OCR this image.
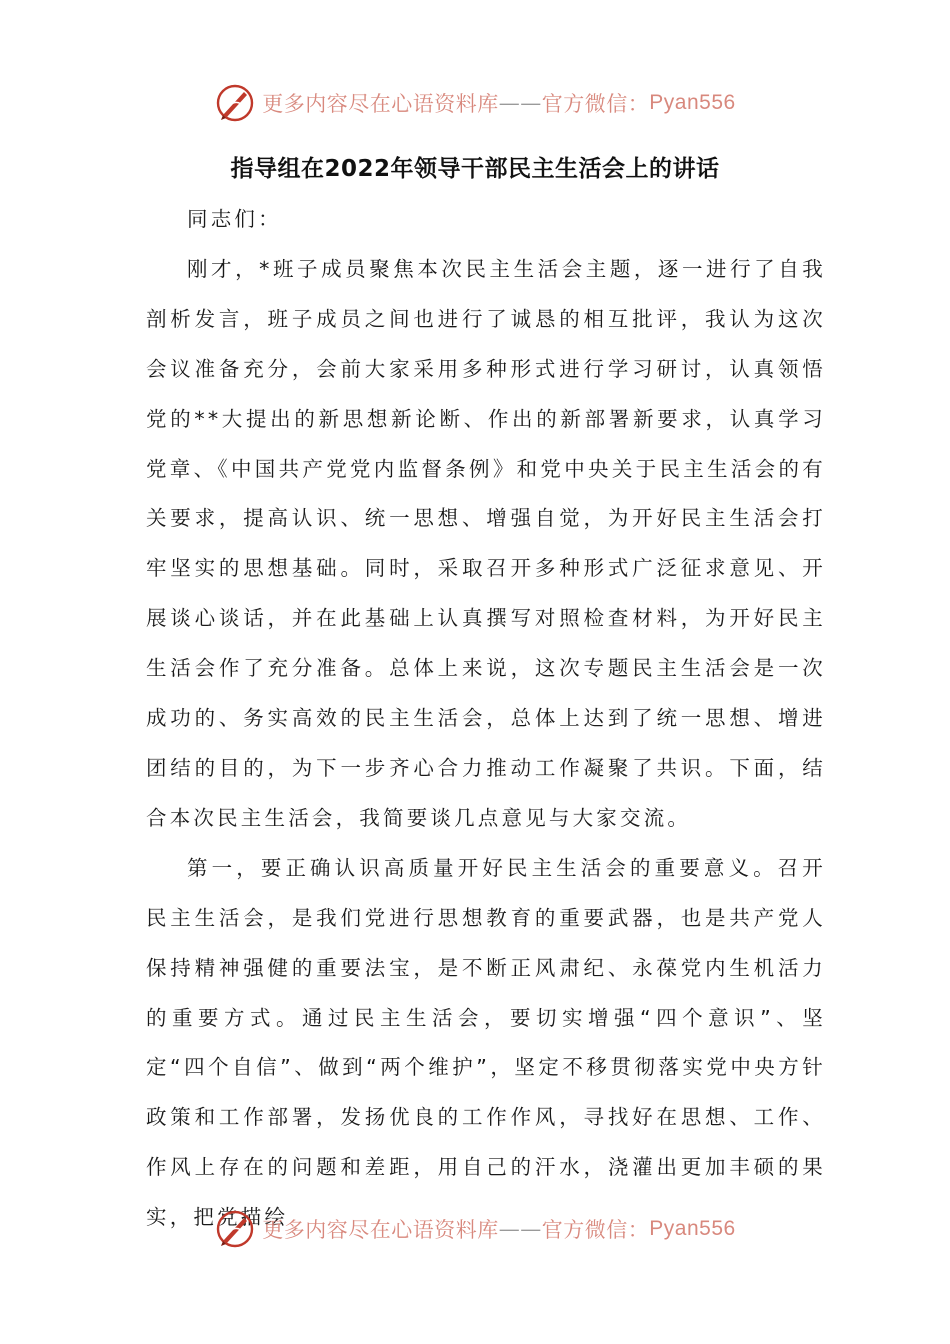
更多内容尽在心语资料库 —— 官方微信： Pyan556
指导组在2022年领导干部民主生活会上的讲话

同志们：

刚才，*班子成员聚焦本次民主生活会主题，逐一进行了自我剖析发言，班子成员之间也进行了诚恳的相互批评，我认为这次会议准备充分，会前大家采用多种形式进行学习研讨，认真领悟党的**大提出的新思想新论断、作出的新部署新要求，认真学习党章、《中国共产党党内监督条例》和党中央关于民主生活会的有关要求，提高认识、统一思想、增强自觉，为开好民主生活会打牢坚实的思想基础。同时，采取召开多种形式广泛征求意见、开展谈心谈话，并在此基础上认真撰写对照检查材料，为开好民主生活会作了充分准备。总体上来说，这次专题民主生活会是一次成功的、务实高效的民主生活会，总体上达到了统一思想、增进团结的目的，为下一步齐心合力推动工作凝聚了共识。下面，结合本次民主生活会，我简要谈几点意见与大家交流。

第一，要正确认识高质量开好民主生活会的重要意义。召开民主生活会，是我们党进行思想教育的重要武器，也是共产党人保持精神强健的重要法宝，是不断正风肃纪、永葆党内生机活力的重要方式。通过民主生活会，要切实增强“四个意识”、坚定“四个自信”、做到“两个维护”，坚定不移贯彻落实党中央方针政策和工作部署，发扬优良的工作作风，寻找好在思想、工作、作风上存在的问题和差距，用自己的汗水，浇灌出更加丰硕的果实，把党描绘

更多内容尽在心语资料库 —— 官方微信： Pyan556
